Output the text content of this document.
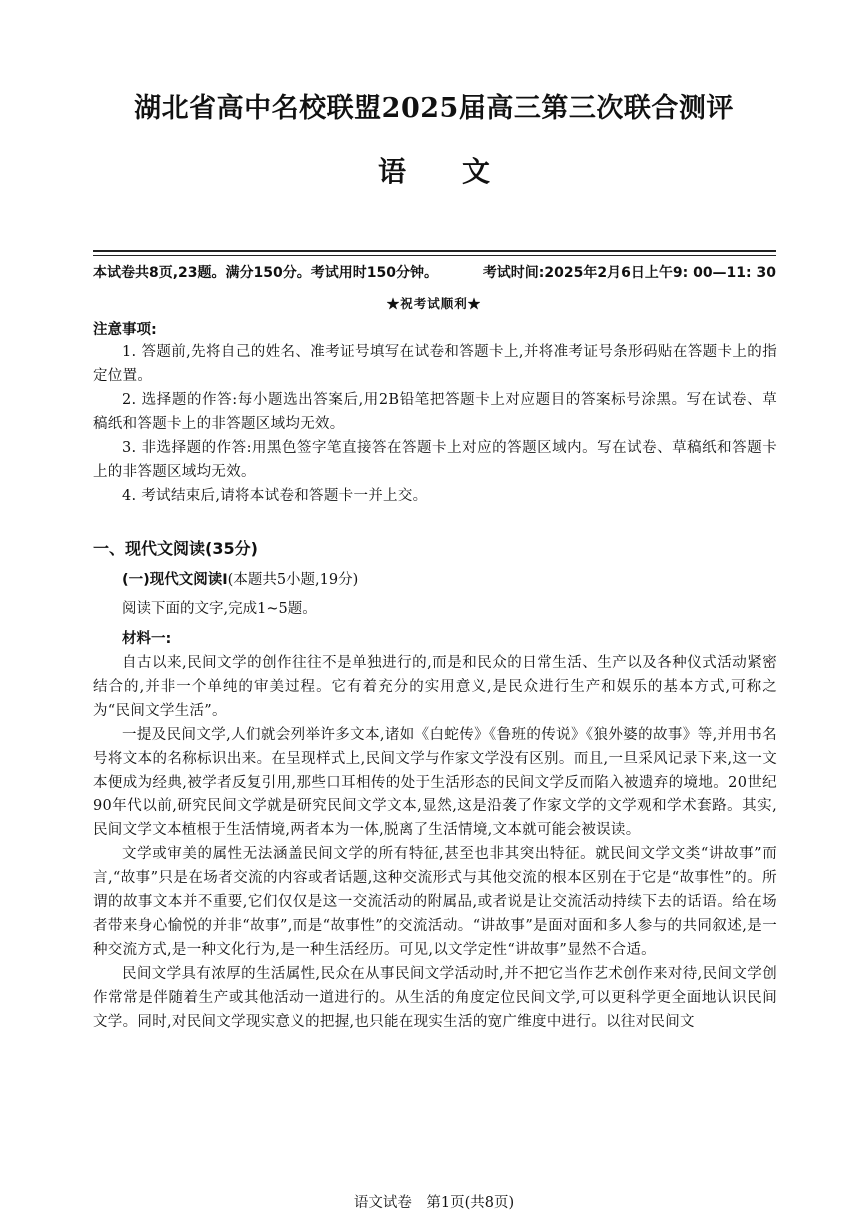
湖北省高中名校联盟2025届高三第三次联合测评
语文
本试卷共8页,23题。满分150分。考试用时150分钟。	考试时间:2025年2月6日上午9: 00—11: 30
★祝考试顺利★
注意事项:

1. 答题前,先将自己的姓名、准考证号填写在试卷和答题卡上,并将准考证号条形码贴在答题卡上的指定位置。

2. 选择题的作答:每小题选出答案后,用2B铅笔把答题卡上对应题目的答案标号涂黑。写在试卷、草稿纸和答题卡上的非答题区域均无效。

3. 非选择题的作答:用黑色签字笔直接答在答题卡上对应的答题区域内。写在试卷、草稿纸和答题卡上的非答题区域均无效。

4. 考试结束后,请将本试卷和答题卡一并上交。

一、现代文阅读(35分)
(一)现代文阅读Ⅰ(本题共5小题,19分)
阅读下面的文字,完成1~5题。
材料一:

自古以来,民间文学的创作往往不是单独进行的,而是和民众的日常生活、生产以及各种仪式活动紧密结合的,并非一个单纯的审美过程。它有着充分的实用意义,是民众进行生产和娱乐的基本方式,可称之为“民间文学生活”。

一提及民间文学,人们就会列举许多文本,诸如《白蛇传》《鲁班的传说》《狼外婆的故事》等,并用书名号将文本的名称标识出来。在呈现样式上,民间文学与作家文学没有区别。而且,一旦采风记录下来,这一文本便成为经典,被学者反复引用,那些口耳相传的处于生活形态的民间文学反而陷入被遗弃的境地。20世纪90年代以前,研究民间文学就是研究民间文学文本,显然,这是沿袭了作家文学的文学观和学术套路。其实,民间文学文本植根于生活情境,两者本为一体,脱离了生活情境,文本就可能会被误读。

文学或审美的属性无法涵盖民间文学的所有特征,甚至也非其突出特征。就民间文学文类“讲故事”而言,“故事”只是在场者交流的内容或者话题,这种交流形式与其他交流的根本区别在于它是“故事性”的。所谓的故事文本并不重要,它们仅仅是这一交流活动的附属品,或者说是让交流活动持续下去的话语。给在场者带来身心愉悦的并非“故事”,而是“故事性”的交流活动。“讲故事”是面对面和多人参与的共同叙述,是一种交流方式,是一种文化行为,是一种生活经历。可见,以文学定性“讲故事”显然不合适。

民间文学具有浓厚的生活属性,民众在从事民间文学活动时,并不把它当作艺术创作来对待,民间文学创作常常是伴随着生产或其他活动一道进行的。从生活的角度定位民间文学,可以更科学更全面地认识民间文学。同时,对民间文学现实意义的把握,也只能在现实生活的宽广维度中进行。以往对民间文

语文试卷　第1页(共8页)
